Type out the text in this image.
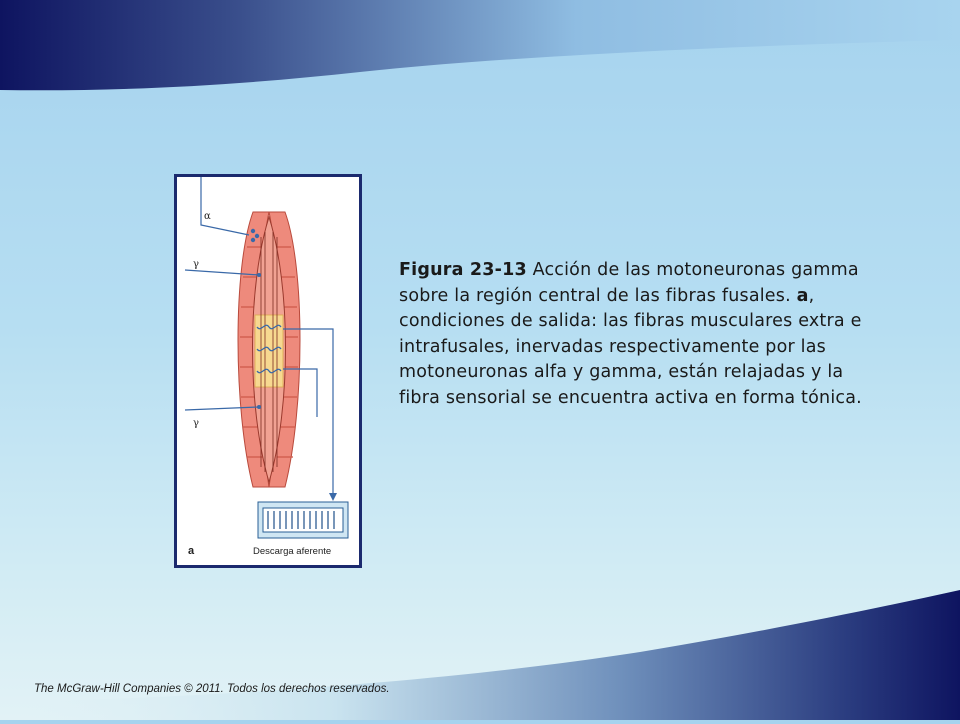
α
γ
γ
a	Descarga aferente
Figura 23-13 Acción de las motoneuronas gamma sobre la región central de las fibras fusales. a, condiciones de salida: las fibras musculares extra e intrafusales, inervadas respectivamente por las motoneuronas alfa y gamma, están relajadas y la fibra sensorial se encuentra activa en forma tónica.
The McGraw-Hill Companies © 2011. Todos los derechos reservados.
